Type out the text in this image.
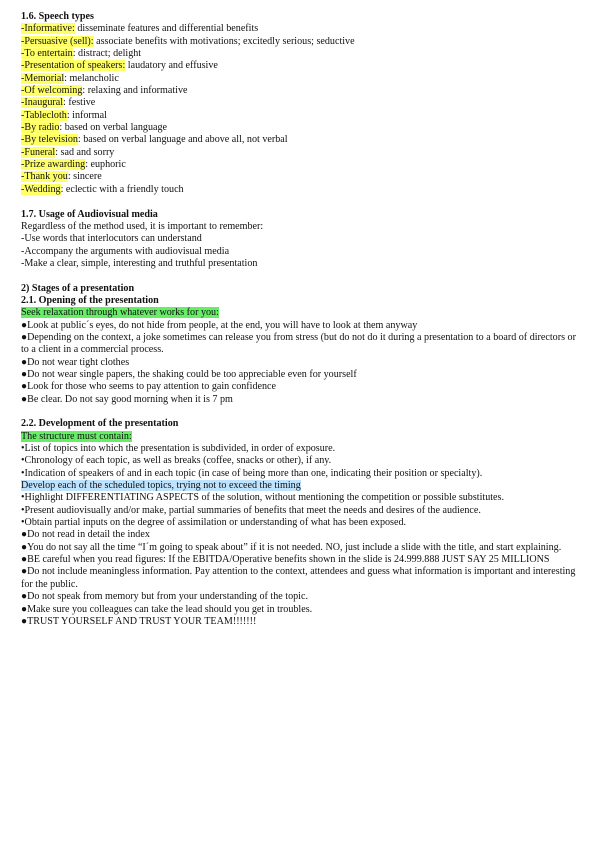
1.6. Speech types
-Informative: disseminate features and differential benefits
-Persuasive (sell): associate benefits with motivations; excitedly serious; seductive
-To entertain: distract; delight
-Presentation of speakers: laudatory and effusive
-Memorial: melancholic
-Of welcoming: relaxing and informative
-Inaugural: festive
-Tablecloth: informal
-By radio: based on verbal language
-By television: based on verbal language and above all, not verbal
-Funeral: sad and sorry
-Prize awarding: euphoric
-Thank you: sincere
-Wedding: eclectic with a friendly touch
1.7. Usage of Audiovisual media
Regardless of the method used, it is important to remember:
-Use words that interlocutors can understand
-Accompany the arguments with audiovisual media
-Make a clear, simple, interesting and truthful presentation
2) Stages of a presentation
2.1. Opening of the presentation
Seek relaxation through whatever works for you:
●Look at public´s eyes, do not hide from people, at the end, you will have to look at them anyway
●Depending on the context, a joke sometimes can release you from stress (but do not do it during a presentation to a board of directors or to a client in a commercial process.
●Do not wear tight clothes
●Do not wear single papers, the shaking could be too appreciable even for yourself
●Look for those who seems to pay attention to gain confidence
●Be clear. Do not say good morning when it is 7 pm
2.2. Development of the presentation
The structure must contain:
•List of topics into which the presentation is subdivided, in order of exposure.
•Chronology of each topic, as well as breaks (coffee, snacks or other), if any.
•Indication of speakers of and in each topic (in case of being more than one, indicating their position or specialty).
Develop each of the scheduled topics, trying not to exceed the timing
•Highlight DIFFERENTIATING ASPECTS of the solution, without mentioning the competition or possible substitutes.
•Present audiovisually and/or make, partial summaries of benefits that meet the needs and desires of the audience.
•Obtain partial inputs on the degree of assimilation or understanding of what has been exposed.
●Do not read in detail the index
●You do not say all the time “I´m going to speak about” if it is not needed. NO, just include a slide with the title, and start explaining.
●BE careful when you read figures: If the EBITDA/Operative benefits shown in the slide is 24.999.888 JUST SAY 25 MILLIONS
●Do not include meaningless information. Pay attention to the context, attendees and guess what information is important and interesting for the public.
●Do not speak from memory but from your understanding of the topic.
●Make sure you colleagues can take the lead should you get in troubles.
●TRUST YOURSELF AND TRUST YOUR TEAM!!!!!!!
